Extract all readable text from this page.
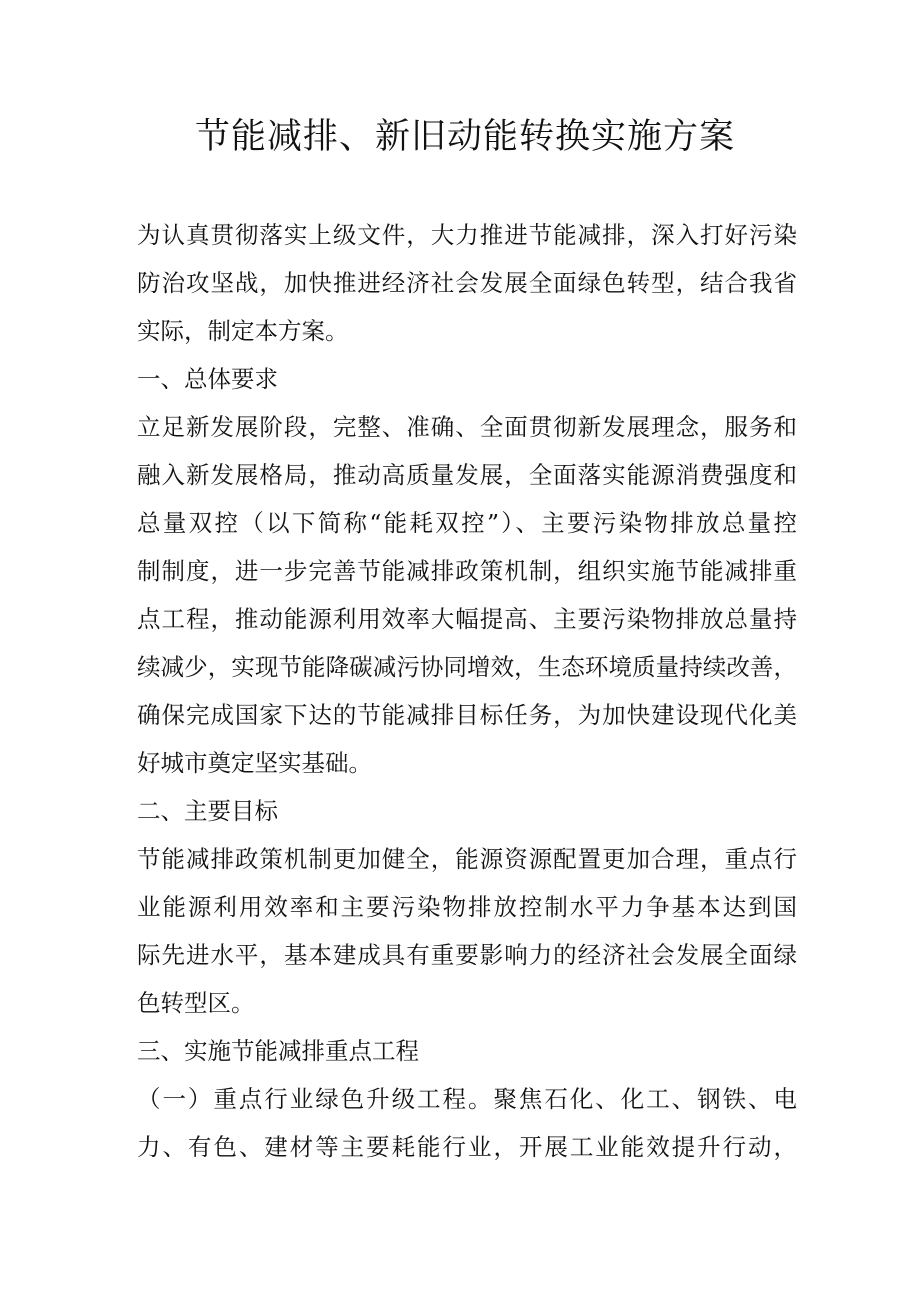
节能减排、新旧动能转换实施方案
为认真贯彻落实上级文件，大力推进节能减排，深入打好污染
防治攻坚战，加快推进经济社会发展全面绿色转型，结合我省
实际，制定本方案。
一、总体要求
立足新发展阶段，完整、准确、全面贯彻新发展理念，服务和
融入新发展格局，推动高质量发展，全面落实能源消费强度和
总量双控（以下简称“能耗双控”）、主要污染物排放总量控
制制度，进一步完善节能减排政策机制，组织实施节能减排重
点工程，推动能源利用效率大幅提高、主要污染物排放总量持
续减少，实现节能降碳减污协同增效，生态环境质量持续改善，
确保完成国家下达的节能减排目标任务，为加快建设现代化美
好城市奠定坚实基础。
二、主要目标
节能减排政策机制更加健全，能源资源配置更加合理，重点行
业能源利用效率和主要污染物排放控制水平力争基本达到国
际先进水平，基本建成具有重要影响力的经济社会发展全面绿
色转型区。
三、实施节能减排重点工程
（一）重点行业绿色升级工程。聚焦石化、化工、钢铁、电
力、有色、建材等主要耗能行业，开展工业能效提升行动，
